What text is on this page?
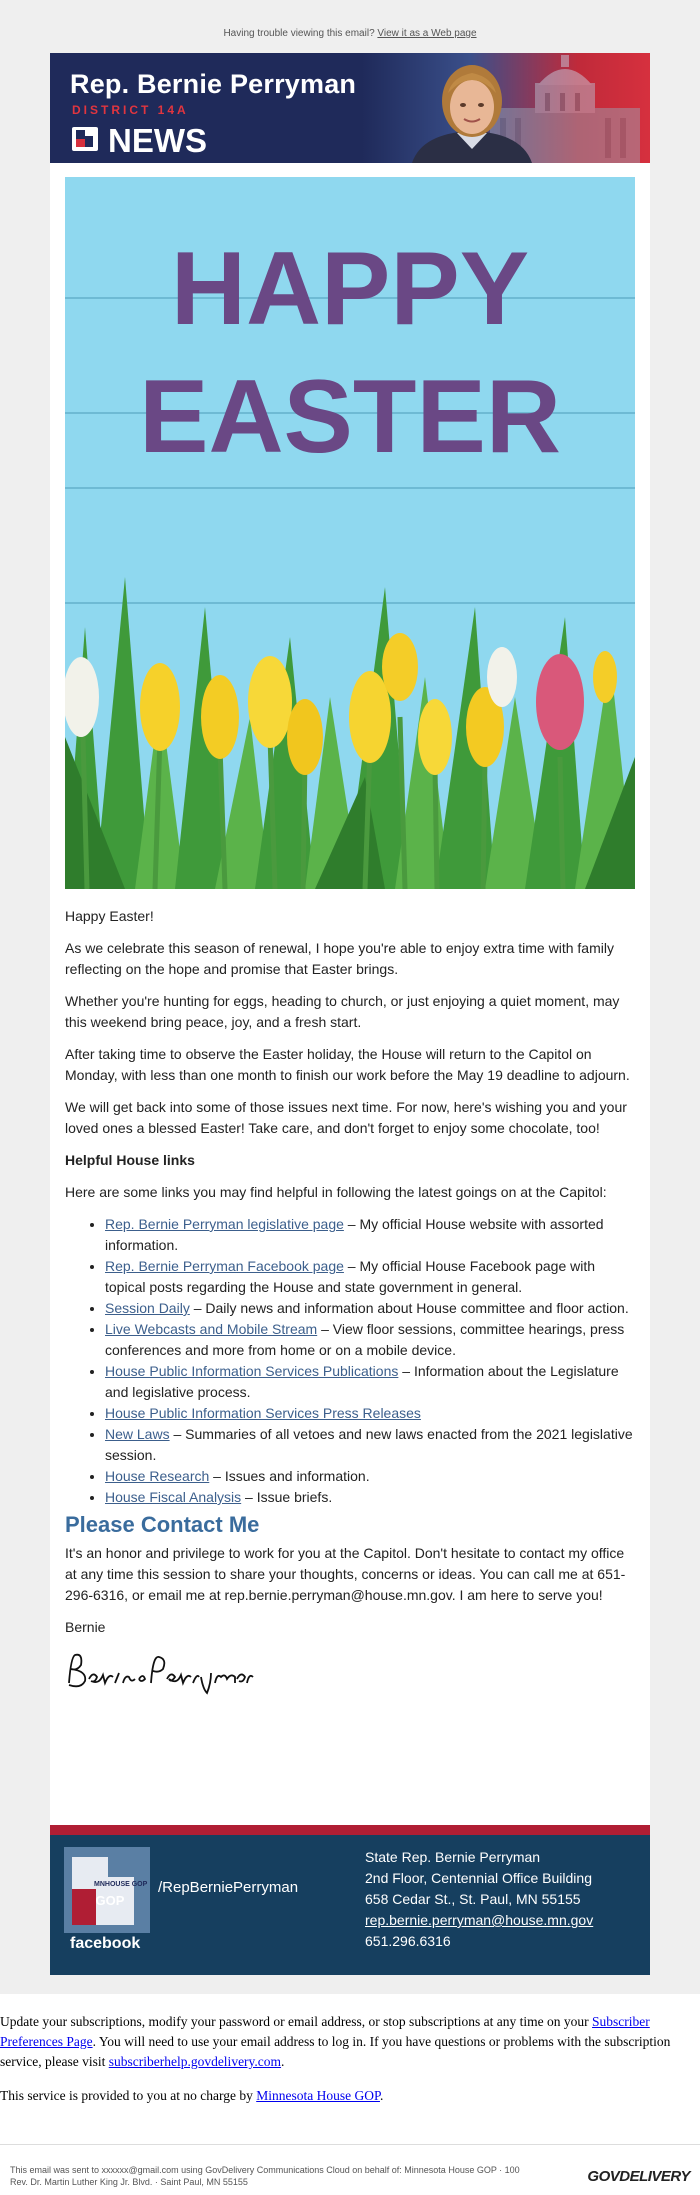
Having trouble viewing this email? View it as a Web page
Rep. Bernie Perryman
DISTRICT 14A
NEWS
HAPPY
EASTER

Happy Easter!

As we celebrate this season of renewal, I hope you're able to enjoy extra time with family reflecting on the hope and promise that Easter brings.

Whether you're hunting for eggs, heading to church, or just enjoying a quiet moment, may this weekend bring peace, joy, and a fresh start.

After taking time to observe the Easter holiday, the House will return to the Capitol on Monday, with less than one month to finish our work before the May 19 deadline to adjourn.

We will get back into some of those issues next time. For now, here's wishing you and your loved ones a blessed Easter! Take care, and don't forget to enjoy some chocolate, too!

Helpful House links

Here are some links you may find helpful in following the latest goings on at the Capitol:

• Rep. Bernie Perryman legislative page – My official House website with assorted information.
• Rep. Bernie Perryman Facebook page – My official House Facebook page with topical posts regarding the House and state government in general.
• Session Daily – Daily news and information about House committee and floor action.
• Live Webcasts and Mobile Stream – View floor sessions, committee hearings, press conferences and more from home or on a mobile device.
• House Public Information Services Publications – Information about the Legislature and legislative process.
• House Public Information Services Press Releases
• New Laws – Summaries of all vetoes and new laws enacted from the 2021 legislative session.
• House Research – Issues and information.
• House Fiscal Analysis – Issue briefs.
Please Contact Me

It's an honor and privilege to work for you at the Capitol. Don't hesitate to contact my office at any time this session to share your thoughts, concerns or ideas. You can call me at 651-296-6316, or email me at rep.bernie.perryman@house.mn.gov. I am here to serve you!

Bernie

GOP
MNHOUSE GOP
facebook
/RepBerniePerryman
State Rep. Bernie Perryman
2nd Floor, Centennial Office Building
658 Cedar St., St. Paul, MN 55155
rep.bernie.perryman@house.mn.gov
651.296.6316

Update your subscriptions, modify your password or email address, or stop subscriptions at any time on your Subscriber Preferences Page. You will need to use your email address to log in. If you have questions or problems with the subscription service, please visit subscriberhelp.govdelivery.com.

This service is provided to you at no charge by Minnesota House GOP.

This email was sent to xxxxxx@gmail.com using GovDelivery Communications Cloud on behalf of: Minnesota House GOP · 100
Rev. Dr. Martin Luther King Jr. Blvd. · Saint Paul, MN 55155	GOVDELIVERY
